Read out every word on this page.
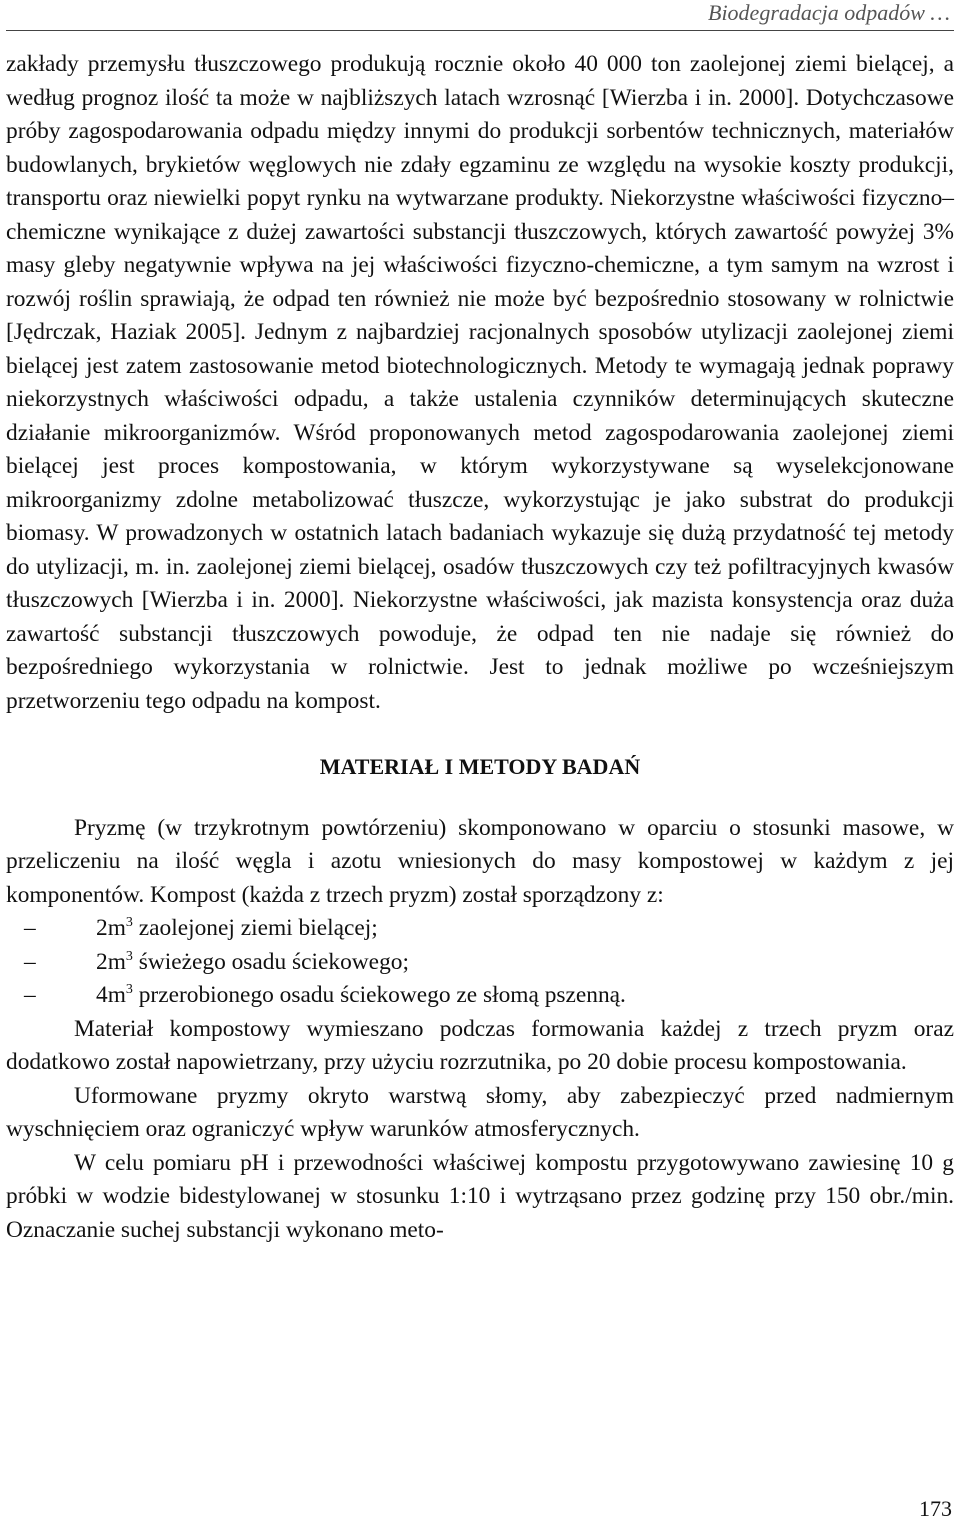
Biodegradacja odpadów …

zakłady przemysłu tłuszczowego produkują rocznie około 40 000 ton zaolejonej ziemi bielącej, a według prognoz ilość ta może w najbliższych latach wzrosnąć [Wierzba i in. 2000]. Dotychczasowe próby zagospodarowania odpadu między innymi do produkcji sorbentów technicznych, materiałów budowlanych, brykietów węglowych nie zdały egzaminu ze względu na wysokie koszty produkcji, transportu oraz niewielki popyt rynku na wytwarzane produkty. Niekorzystne właściwości fizyczno–chemiczne wynikające z dużej zawartości substancji tłuszczowych, których zawartość powyżej 3% masy gleby negatywnie wpływa na jej właściwości fizyczno-chemiczne, a tym samym na wzrost i rozwój roślin sprawiają, że odpad ten również nie może być bezpośrednio stosowany w rolnictwie [Jędrczak, Haziak 2005]. Jednym z najbardziej racjonalnych sposobów utylizacji zaolejonej ziemi bielącej jest zatem zastosowanie metod biotechnologicznych. Metody te wymagają jednak poprawy niekorzystnych właściwości odpadu, a także ustalenia czynników determinujących skuteczne działanie mikroorganizmów. Wśród proponowanych metod zagospodarowania zaolejonej ziemi bielącej jest proces kompostowania, w którym wykorzystywane są wyselekcjonowane mikroorganizmy zdolne metabolizować tłuszcze, wykorzystując je jako substrat do produkcji biomasy. W prowadzonych w ostatnich latach badaniach wykazuje się dużą przydatność tej metody do utylizacji, m. in. zaolejonej ziemi bielącej, osadów tłuszczowych czy też pofiltracyjnych kwasów tłuszczowych [Wierzba i in. 2000]. Niekorzystne właściwości, jak mazista konsystencja oraz duża zawartość substancji tłuszczowych powoduje, że odpad ten nie nadaje się również do bezpośredniego wykorzystania w rolnictwie. Jest to jednak możliwe po wcześniejszym przetworzeniu tego odpadu na kompost.

MATERIAŁ I METODY BADAŃ

Pryzmę (w trzykrotnym powtórzeniu) skomponowano w oparciu o stosunki masowe, w przeliczeniu na ilość węgla i azotu wniesionych do masy kompostowej w każdym z jej komponentów. Kompost (każda z trzech pryzm) został sporządzony z:

–	$2m^3$ zaolejonej ziemi bielącej;
–	$2m^3$ świeżego osadu ściekowego;
–	$4m^3$ przerobionego osadu ściekowego ze słomą pszenną.

Materiał kompostowy wymieszano podczas formowania każdej z trzech pryzm oraz dodatkowo został napowietrzany, przy użyciu rozrzutnika, po 20 dobie procesu kompostowania.

Uformowane pryzmy okryto warstwą słomy, aby zabezpieczyć przed nadmiernym wyschnięciem oraz ograniczyć wpływ warunków atmosferycznych.

W celu pomiaru pH i przewodności właściwej kompostu przygotowywano zawiesinę 10 g próbki w wodzie bidestylowanej w stosunku 1:10 i wytrząsano przez godzinę przy 150 obr./min. Oznaczanie suchej substancji wykonano meto-

173
